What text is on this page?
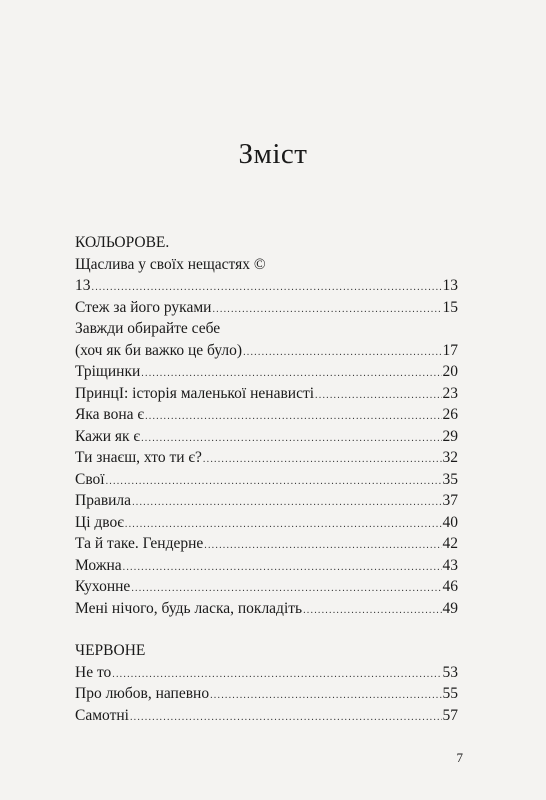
Зміст
КОЛЬОРОВЕ.
Щаслива у своїх нещастях ©
13 .....	13
Стеж за його руками .....	15
Завжди обирайте себе
(хоч як би важко це було) .....	17
Тріщинки .....	20
ПринцІ: історія маленької ненависті .....	23
Яка вона є .....	26
Кажи як є .....	29
Ти знаєш, хто ти є? .....	32
Свої .....	35
Правила .....	37
Ці двоє .....	40
Та й таке. Гендерне .....	42
Можна .....	43
Кухонне .....	46
Мені нічого, будь ласка, покладіть .....	49
ЧЕРВОНЕ
Не то .....	53
Про любов, напевно .....	55
Самотні .....	57
7
